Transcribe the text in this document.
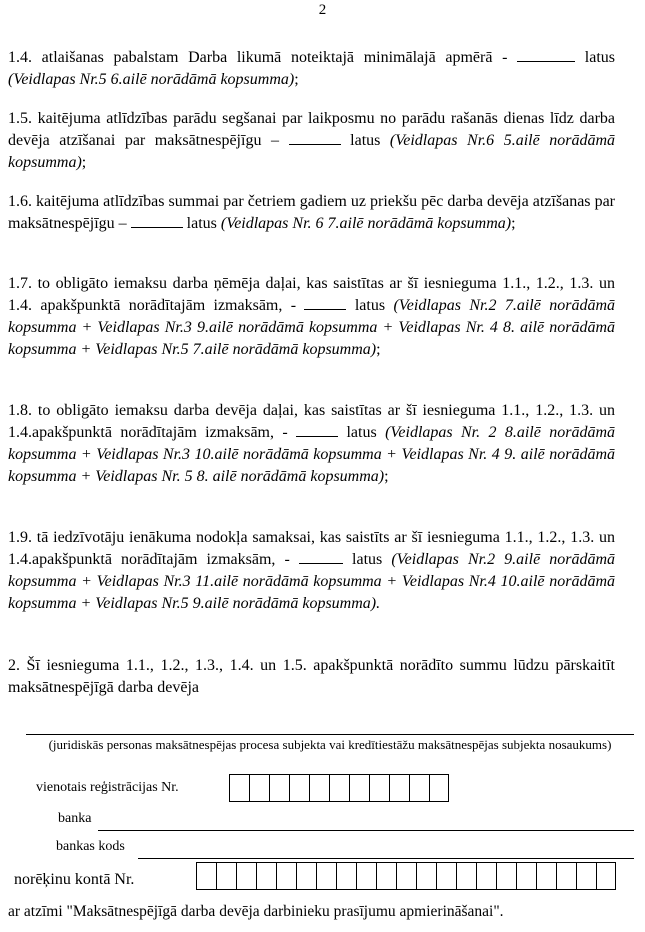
2
1.4. atlaišanas pabalstam Darba likumā noteiktajā minimālajā apmērā -	latus (Veidlapas Nr.5 6.ailē norādāmā kopsumma);
1.5. kaitējuma atlīdzības parādu segšanai par laikposmu no parādu rašanās dienas līdz darba devēja atzīšanai par maksātnespējīgu –	latus (Veidlapas Nr.6 5.ailē norādāmā kopsumma);
1.6. kaitējuma atlīdzības summai par četriem gadiem uz priekšu pēc darba devēja atzīšanas par maksātnespējīgu –	latus (Veidlapas Nr. 6 7.ailē norādāmā kopsumma);
1.7. to obligāto iemaksu darba ņēmēja daļai, kas saistītas ar šī iesnieguma 1.1., 1.2., 1.3. un 1.4. apakšpunktā norādītajām izmaksām, -	latus (Veidlapas Nr.2 7.ailē norādāmā kopsumma + Veidlapas Nr.3 9.ailē norādāmā kopsumma + Veidlapas Nr. 4 8. ailē norādāmā kopsumma + Veidlapas Nr.5 7.ailē norādāmā kopsumma);
1.8. to obligāto iemaksu darba devēja daļai, kas saistītas ar šī iesnieguma 1.1., 1.2., 1.3. un 1.4.apakšpunktā norādītajām izmaksām, -	latus (Veidlapas Nr. 2 8.ailē norādāmā kopsumma + Veidlapas Nr.3 10.ailē norādāmā kopsumma + Veidlapas Nr. 4 9. ailē norādāmā kopsumma + Veidlapas Nr. 5 8. ailē norādāmā kopsumma);
1.9. tā iedzīvotāju ienākuma nodokļa samaksai, kas saistīts ar šī iesnieguma 1.1., 1.2., 1.3. un 1.4.apakšpunktā norādītajām izmaksām, -	latus (Veidlapas Nr.2 9.ailē norādāmā kopsumma + Veidlapas Nr.3 11.ailē norādāmā kopsumma + Veidlapas Nr.4 10.ailē norādāmā kopsumma + Veidlapas Nr.5 9.ailē norādāmā kopsumma).
2. Šī iesnieguma 1.1., 1.2., 1.3., 1.4. un 1.5. apakšpunktā norādīto summu lūdzu pārskaitīt maksātnespējīgā darba devēja
(juridiskās personas maksātnespējas procesa subjekta vai kredītiestāžu maksātnespējas subjekta nosaukums)
vienotais reģistrācijas Nr.
banka
bankas kods
norēķinu kontā Nr.
ar atzīmi "Maksātnespējīgā darba devēja darbinieku prasījumu apmierināšanai".
